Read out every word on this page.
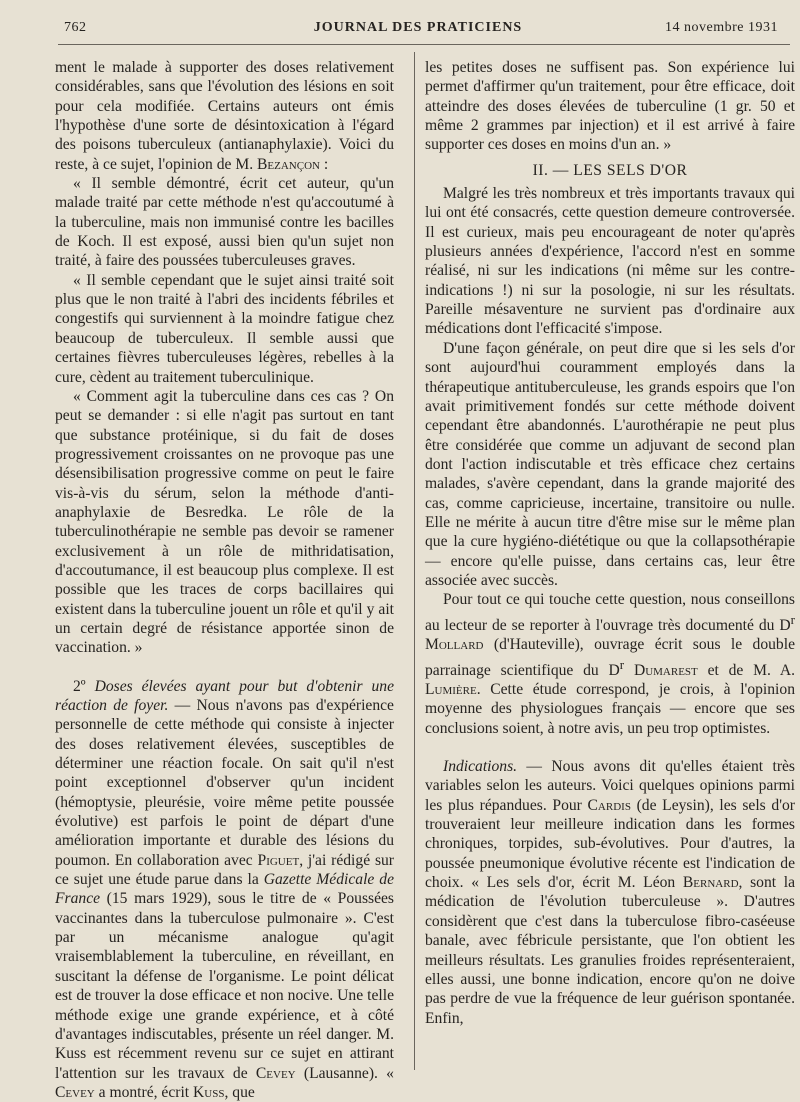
762	JOURNAL DES PRATICIENS	14 novembre 1931

ment le malade à supporter des doses relativement considérables, sans que l'évolution des lésions en soit pour cela modifiée. Certains auteurs ont émis l'hypothèse d'une sorte de désintoxication à l'égard des poisons tuberculeux (antianaphylaxie). Voici du reste, à ce sujet, l'opinion de M. Bezançon :

« Il semble démontré, écrit cet auteur, qu'un malade traité par cette méthode n'est qu'accoutumé à la tuberculine, mais non immunisé contre les bacilles de Koch. Il est exposé, aussi bien qu'un sujet non traité, à faire des poussées tuberculeuses graves.

« Il semble cependant que le sujet ainsi traité soit plus que le non traité à l'abri des incidents fébriles et congestifs qui surviennent à la moindre fatigue chez beaucoup de tuberculeux. Il semble aussi que certaines fièvres tuberculeuses légères, rebelles à la cure, cèdent au traitement tuberculinique.

« Comment agit la tuberculine dans ces cas ? On peut se demander : si elle n'agit pas surtout en tant que substance protéinique, si du fait de doses progressivement croissantes on ne provoque pas une désensibilisation progressive comme on peut le faire vis-à-vis du sérum, selon la méthode d'anti-anaphylaxie de Besredka. Le rôle de la tuberculinothérapie ne semble pas devoir se ramener exclusivement à un rôle de mithridatisation, d'accoutumance, il est beaucoup plus complexe. Il est possible que les traces de corps bacillaires qui existent dans la tuberculine jouent un rôle et qu'il y ait un certain degré de résistance apportée sinon de vaccination. »

2º Doses élevées ayant pour but d'obtenir une réaction de foyer. — Nous n'avons pas d'expérience personnelle de cette méthode qui consiste à injecter des doses relativement élevées, susceptibles de déterminer une réaction focale. On sait qu'il n'est point exceptionnel d'observer qu'un incident (hémoptysie, pleurésie, voire même petite poussée évolutive) est parfois le point de départ d'une amélioration importante et durable des lésions du poumon. En collaboration avec Piguet, j'ai rédigé sur ce sujet une étude parue dans la Gazette Médicale de France (15 mars 1929), sous le titre de « Poussées vaccinantes dans la tuberculose pulmonaire ». C'est par un mécanisme analogue qu'agit vraisemblablement la tuberculine, en réveillant, en suscitant la défense de l'organisme. Le point délicat est de trouver la dose efficace et non nocive. Une telle méthode exige une grande expérience, et à côté d'avantages indiscutables, présente un réel danger. M. Kuss est récemment revenu sur ce sujet en attirant l'attention sur les travaux de Cevey (Lausanne). « Cevey a montré, écrit Kuss, que

les petites doses ne suffisent pas. Son expérience lui permet d'affirmer qu'un traitement, pour être efficace, doit atteindre des doses élevées de tuberculine (1 gr. 50 et même 2 grammes par injection) et il est arrivé à faire supporter ces doses en moins d'un an. »

II. — LES SELS D'OR

Malgré les très nombreux et très importants travaux qui lui ont été consacrés, cette question demeure controversée. Il est curieux, mais peu encourageant de noter qu'après plusieurs années d'expérience, l'accord n'est en somme réalisé, ni sur les indications (ni même sur les contre-indications !) ni sur la posologie, ni sur les résultats. Pareille mésaventure ne survient pas d'ordinaire aux médications dont l'efficacité s'impose.

D'une façon générale, on peut dire que si les sels d'or sont aujourd'hui couramment employés dans la thérapeutique antituberculeuse, les grands espoirs que l'on avait primitivement fondés sur cette méthode doivent cependant être abandonnés. L'aurothérapie ne peut plus être considérée que comme un adjuvant de second plan dont l'action indiscutable et très efficace chez certains malades, s'avère cependant, dans la grande majorité des cas, comme capricieuse, incertaine, transitoire ou nulle. Elle ne mérite à aucun titre d'être mise sur le même plan que la cure hygiéno-diététique ou que la collapsothérapie — encore qu'elle puisse, dans certains cas, leur être associée avec succès.

Pour tout ce qui touche cette question, nous conseillons au lecteur de se reporter à l'ouvrage très documenté du $D^r$ Mollard (d'Hauteville), ouvrage écrit sous le double parrainage scientifique du $D^r$ Dumarest et de M. A. Lumière. Cette étude correspond, je crois, à l'opinion moyenne des physiologues français — encore que ses conclusions soient, à notre avis, un peu trop optimistes.

Indications. — Nous avons dit qu'elles étaient très variables selon les auteurs. Voici quelques opinions parmi les plus répandues. Pour Cardis (de Leysin), les sels d'or trouveraient leur meilleure indication dans les formes chroniques, torpides, sub-évolutives. Pour d'autres, la poussée pneumonique évolutive récente est l'indication de choix. « Les sels d'or, écrit M. Léon Bernard, sont la médication de l'évolution tuberculeuse ». D'autres considèrent que c'est dans la tuberculose fibro-caséeuse banale, avec fébricule persistante, que l'on obtient les meilleurs résultats. Les granulies froides représenteraient, elles aussi, une bonne indication, encore qu'on ne doive pas perdre de vue la fréquence de leur guérison spontanée. Enfin,
